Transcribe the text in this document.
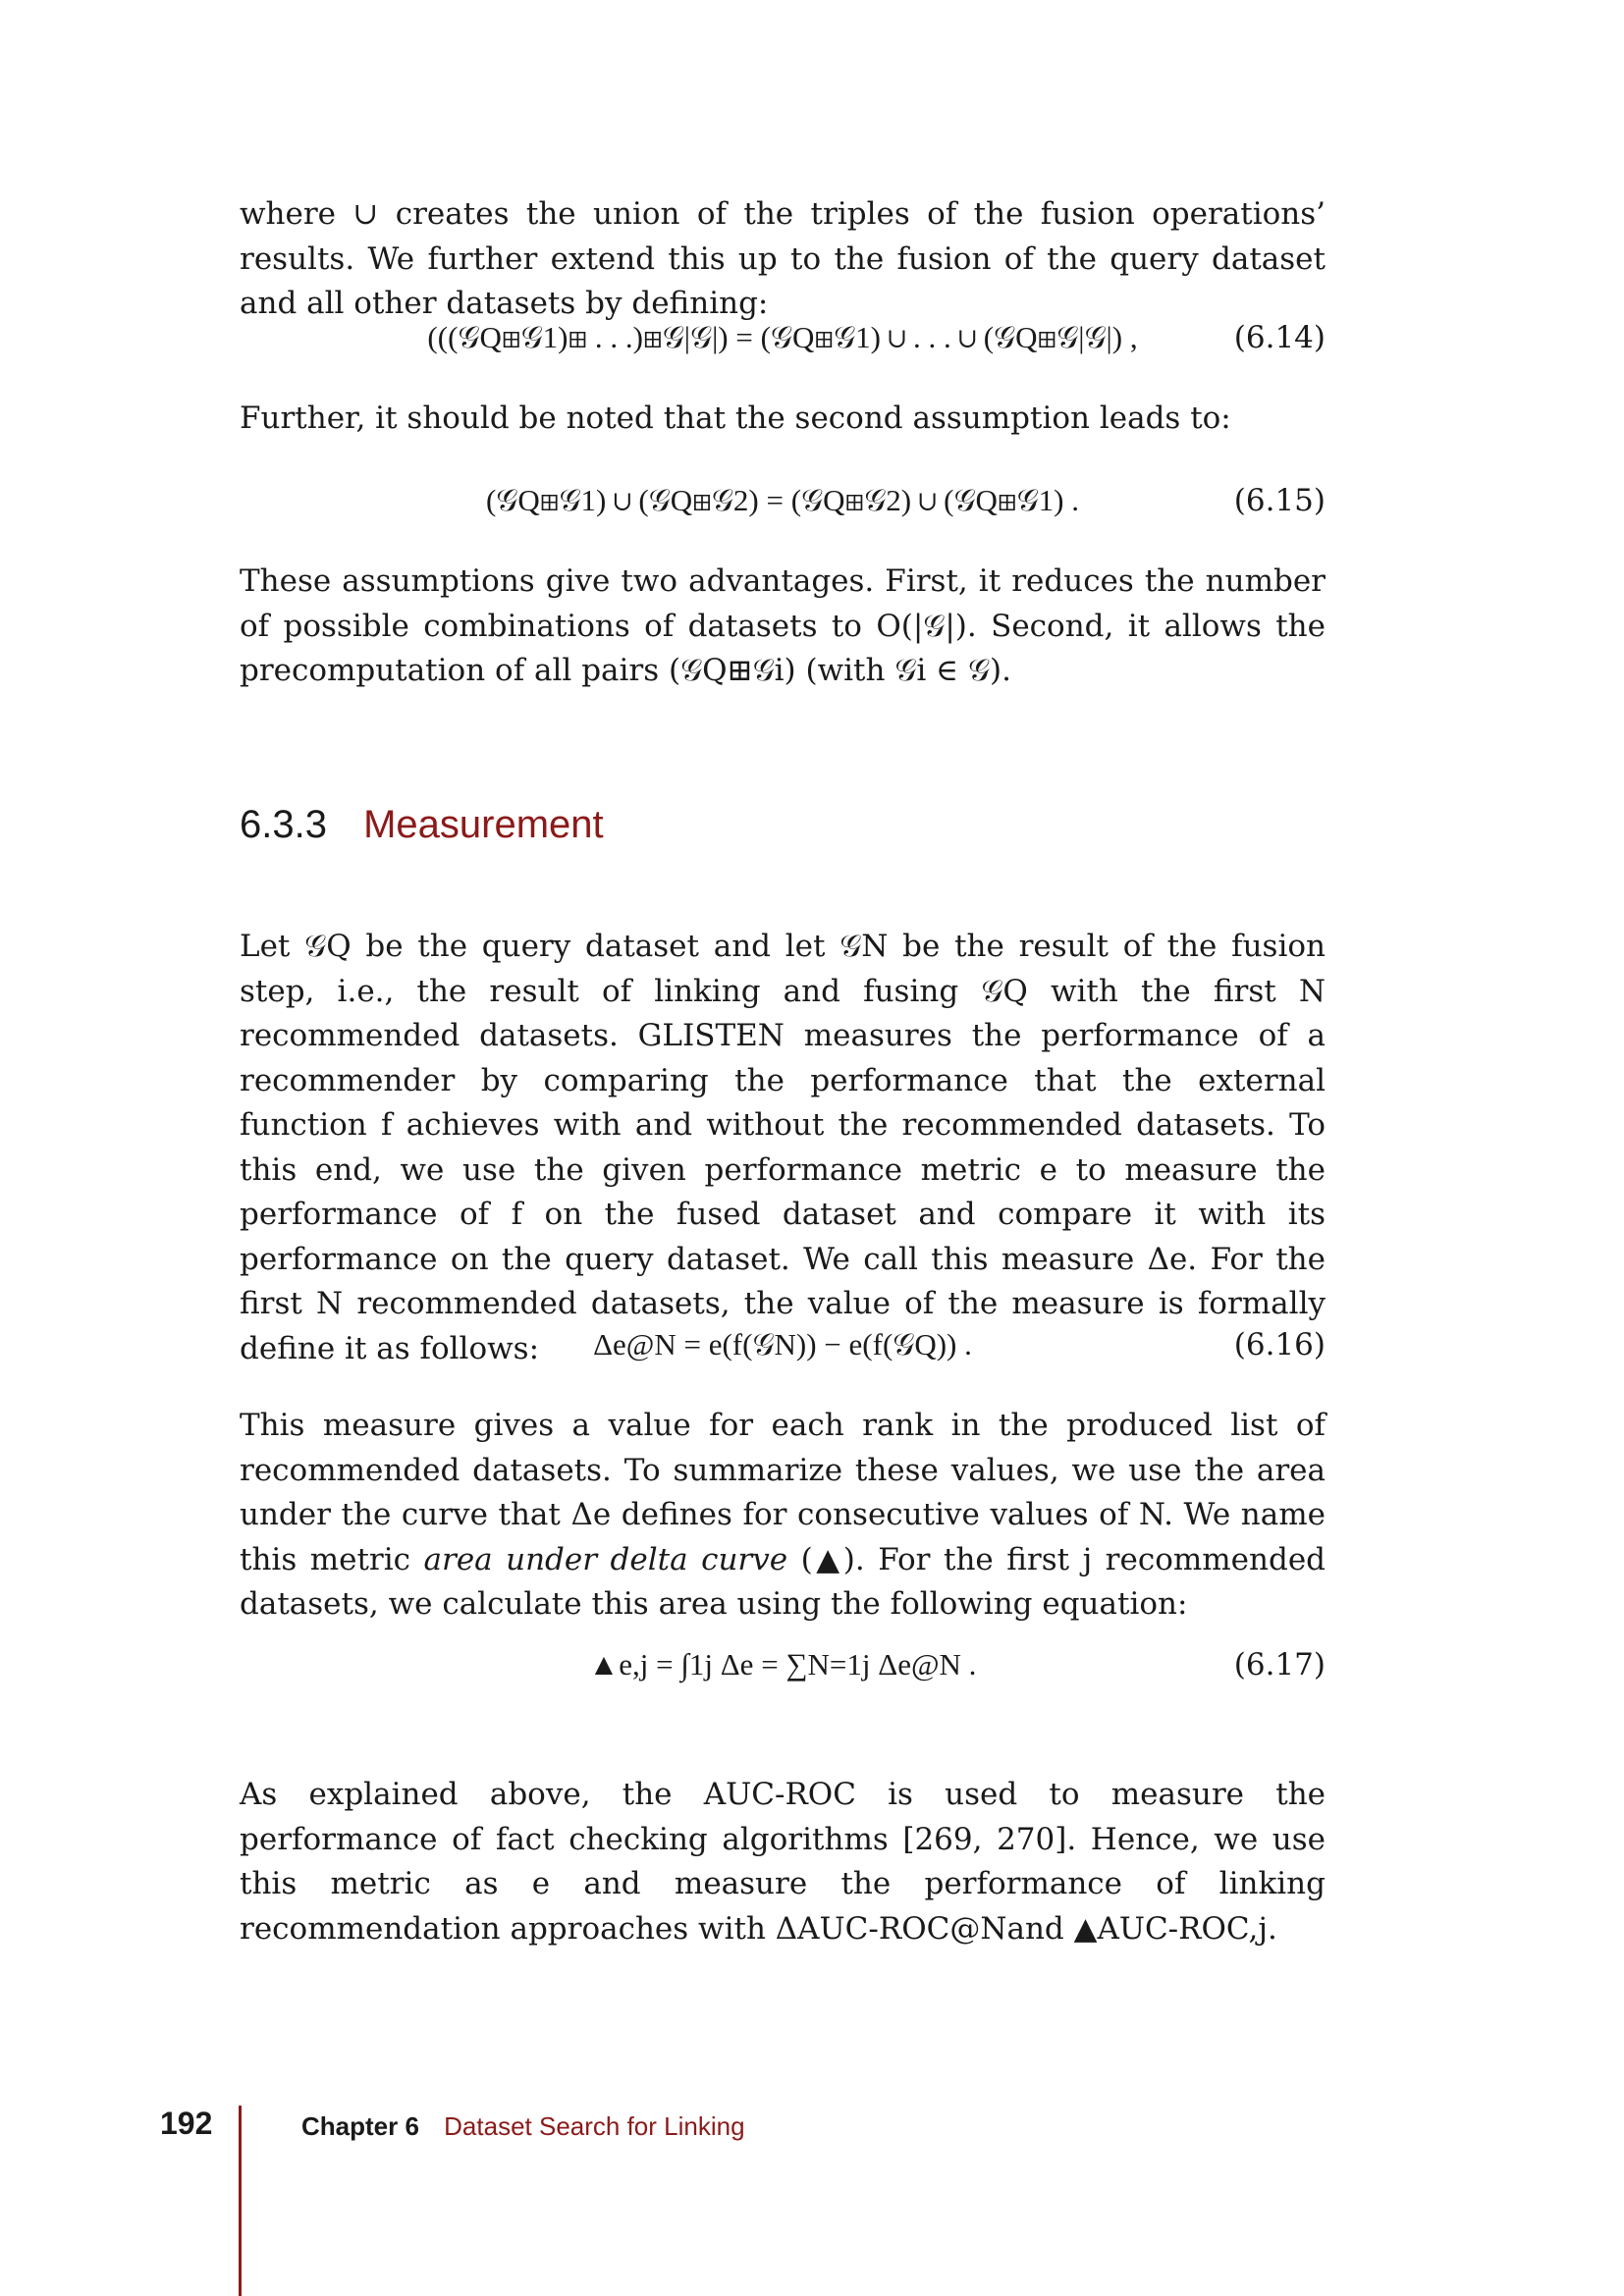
where ∪ creates the union of the triples of the fusion operations’ results. We further extend this up to the fusion of the query dataset and all other datasets by defining:
(((𝒢Q⊞𝒢1)⊞ . . .)⊞𝒢|𝒢|) = (𝒢Q⊞𝒢1) ∪ . . . ∪ (𝒢Q⊞𝒢|𝒢|) ,	(6.14)
Further, it should be noted that the second assumption leads to:
(𝒢Q⊞𝒢1) ∪ (𝒢Q⊞𝒢2) = (𝒢Q⊞𝒢2) ∪ (𝒢Q⊞𝒢1) .	(6.15)
These assumptions give two advantages. First, it reduces the number of possible combinations of datasets to O(|𝒢|). Second, it allows the precomputation of all pairs (𝒢Q⊞𝒢i) (with 𝒢i ∈ 𝒢).
6.3.3 Measurement
Let 𝒢Q be the query dataset and let 𝒢N be the result of the fusion step, i.e., the result of linking and fusing 𝒢Q with the first N recommended datasets. GLISTEN measures the performance of a recommender by comparing the performance that the external function f achieves with and without the recommended datasets. To this end, we use the given performance metric e to measure the performance of f on the fused dataset and compare it with its performance on the query dataset. We call this measure Δe. For the first N recommended datasets, the value of the measure is formally define it as follows:	Δe@N = e(f(𝒢N)) − e(f(𝒢Q)) .	(6.16)
This measure gives a value for each rank in the produced list of recommended datasets. To summarize these values, we use the area under the curve that Δe defines for consecutive values of N. We name this metric area under delta curve (▲). For the first j recommended datasets, we calculate this area using the following equation:
▲e,j = ∫1j Δe = ∑N=1j Δe@N .	(6.17)
As explained above, the AUC-ROC is used to measure the performance of fact checking algorithms [269, 270]. Hence, we use this metric as e and measure the performance of linking recommendation approaches with ΔAUC-ROC@Nand ▲AUC-ROC,j.
192	Chapter 6 Dataset Search for Linking
